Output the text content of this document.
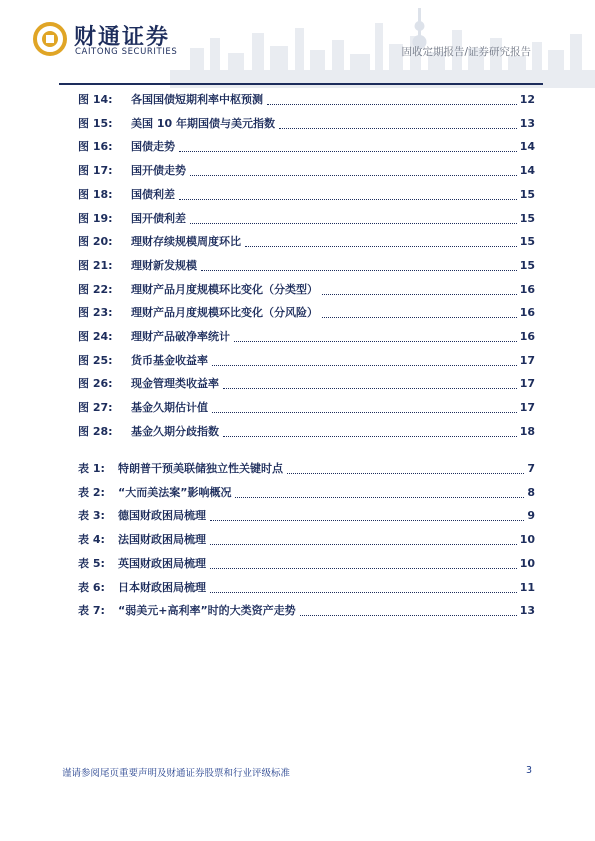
财通证券
CAITONG SECURITIES	固收定期报告/证券研究报告
图 14: 各国国债短期利率中枢预测	12
图 15: 美国 10 年期国债与美元指数	13
图 16: 国债走势	14
图 17: 国开债走势	14
图 18: 国债利差	15
图 19: 国开债利差	15
图 20: 理财存续规模周度环比	15
图 21: 理财新发规模	15
图 22: 理财产品月度规模环比变化（分类型）	16
图 23: 理财产品月度规模环比变化（分风险）	16
图 24: 理财产品破净率统计	16
图 25: 货币基金收益率	17
图 26: 现金管理类收益率	17
图 27: 基金久期估计值	17
图 28: 基金久期分歧指数	18
表 1: 特朗普干预美联储独立性关键时点	7
表 2: “大而美法案”影响概况	8
表 3: 德国财政困局梳理	9
表 4: 法国财政困局梳理	10
表 5: 英国财政困局梳理	10
表 6: 日本财政困局梳理	11
表 7: “弱美元+高利率”时的大类资产走势	13
谨请参阅尾页重要声明及财通证券股票和行业评级标准	3
